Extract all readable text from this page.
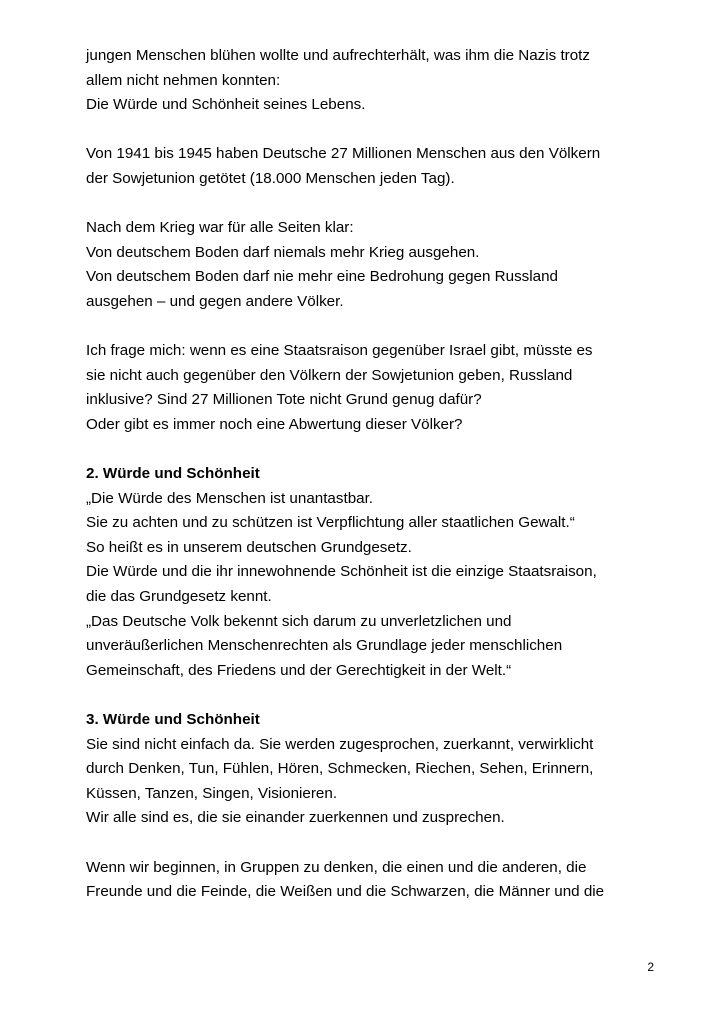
jungen Menschen blühen wollte und aufrechterhält, was ihm die Nazis trotz
allem nicht nehmen konnten:
Die Würde und Schönheit seines Lebens.
Von 1941 bis 1945 haben Deutsche 27 Millionen Menschen aus den Völkern
der Sowjetunion getötet (18.000 Menschen jeden Tag).
Nach dem Krieg war für alle Seiten klar:
Von deutschem Boden darf niemals mehr Krieg ausgehen.
Von deutschem Boden darf nie mehr eine Bedrohung gegen Russland
ausgehen – und gegen andere Völker.
Ich frage mich: wenn es eine Staatsraison gegenüber Israel gibt, müsste es
sie nicht auch gegenüber den Völkern der Sowjetunion geben, Russland
inklusive? Sind 27 Millionen Tote nicht Grund genug dafür?
Oder gibt es immer noch eine Abwertung dieser Völker?
2. Würde und Schönheit
„Die Würde des Menschen ist unantastbar.
Sie zu achten und zu schützen ist Verpflichtung aller staatlichen Gewalt.“
So heißt es in unserem deutschen Grundgesetz.
Die Würde und die ihr innewohnende Schönheit ist die einzige Staatsraison,
die das Grundgesetz kennt.
„Das Deutsche Volk bekennt sich darum zu unverletzlichen und
unveräußerlichen Menschenrechten als Grundlage jeder menschlichen
Gemeinschaft, des Friedens und der Gerechtigkeit in der Welt.“
3. Würde und Schönheit
Sie sind nicht einfach da. Sie werden zugesprochen, zuerkannt, verwirklicht
durch Denken, Tun, Fühlen, Hören, Schmecken, Riechen, Sehen, Erinnern,
Küssen, Tanzen, Singen, Visionieren.
Wir alle sind es, die sie einander zuerkennen und zusprechen.
Wenn wir beginnen, in Gruppen zu denken, die einen und die anderen, die
Freunde und die Feinde, die Weißen und die Schwarzen, die Männer und die
2
